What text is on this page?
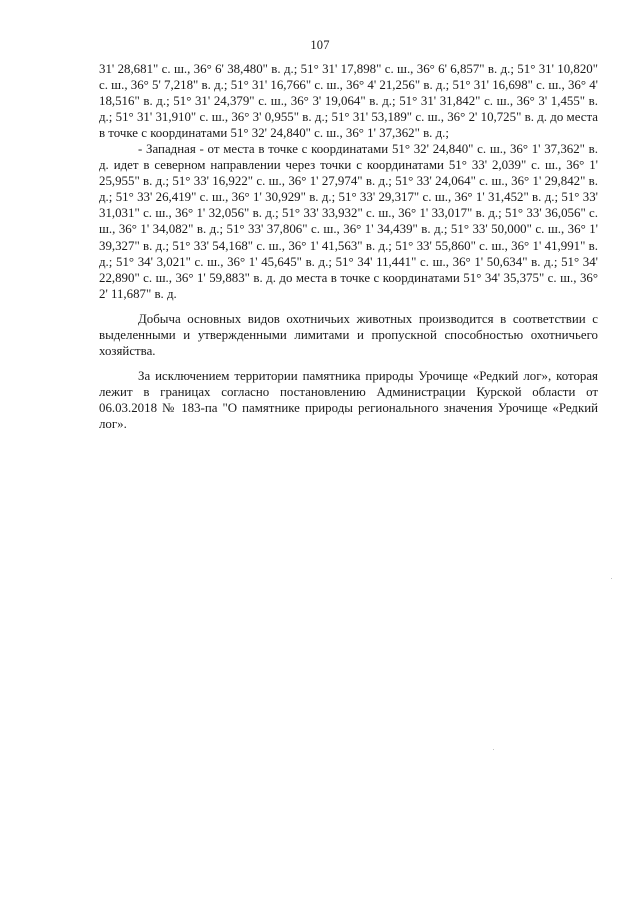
107

31' 28,681" с. ш., 36° 6' 38,480" в. д.; 51° 31' 17,898" с. ш., 36° 6' 6,857" в. д.; 51° 31' 10,820" с. ш., 36° 5' 7,218" в. д.; 51° 31' 16,766" с. ш., 36° 4' 21,256" в. д.; 51° 31' 16,698" с. ш., 36° 4' 18,516" в. д.; 51° 31' 24,379" с. ш., 36° 3' 19,064" в. д.; 51° 31' 31,842" с. ш., 36° 3' 1,455" в. д.; 51° 31' 31,910" с. ш., 36° 3' 0,955" в. д.; 51° 31' 53,189" с. ш., 36° 2' 10,725" в. д. до места в точке с координатами 51° 32' 24,840" с. ш., 36° 1' 37,362" в. д.;

- Западная - от места в точке с координатами 51° 32' 24,840" с. ш., 36° 1' 37,362" в. д. идет в северном направлении через точки с координатами 51° 33' 2,039" с. ш., 36° 1' 25,955" в. д.; 51° 33' 16,922" с. ш., 36° 1' 27,974" в. д.; 51° 33' 24,064" с. ш., 36° 1' 29,842" в. д.; 51° 33' 26,419" с. ш., 36° 1' 30,929" в. д.; 51° 33' 29,317" с. ш., 36° 1' 31,452" в. д.; 51° 33' 31,031" с. ш., 36° 1' 32,056" в. д.; 51° 33' 33,932" с. ш., 36° 1' 33,017" в. д.; 51° 33' 36,056" с. ш., 36° 1' 34,082" в. д.; 51° 33' 37,806" с. ш., 36° 1' 34,439" в. д.; 51° 33' 50,000" с. ш., 36° 1' 39,327" в. д.; 51° 33' 54,168" с. ш., 36° 1' 41,563" в. д.; 51° 33' 55,860" с. ш., 36° 1' 41,991" в. д.; 51° 34' 3,021" с. ш., 36° 1' 45,645" в. д.; 51° 34' 11,441" с. ш., 36° 1' 50,634" в. д.; 51° 34' 22,890" с. ш., 36° 1' 59,883" в. д. до места в точке с координатами 51° 34' 35,375" с. ш., 36° 2' 11,687" в. д.

Добыча основных видов охотничьих животных производится в соответствии с выделенными и утвержденными лимитами и пропускной способностью охотничьего хозяйства.

За исключением территории памятника природы Урочище «Редкий лог», которая лежит в границах согласно постановлению Администрации Курской области от 06.03.2018 № 183-па "О памятнике природы регионального значения Урочище «Редкий лог».
